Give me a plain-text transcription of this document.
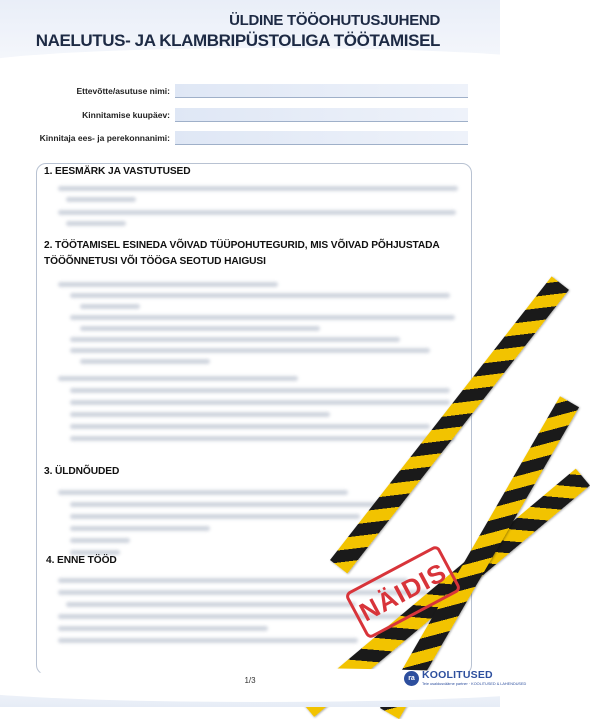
ÜLDINE TÖÖOHUTUSJUHEND
NAELUTUS- JA KLAMBRIPÜSTOLIGA TÖÖTAMISEL
Ettevõtte/asutuse nimi:
Kinnitamise kuupäev:
Kinnitaja ees- ja perekonnanimi:
1. EESMÄRK JA VASTUTUSED
2. TÖÖTAMISEL ESINEDA VÕIVAD TÜÜPOHUTEGURID, MIS VÕIVAD PÕHJUSTADA
TÖÖÕNNETUSI VÕI TÖÖGA SEOTUD HAIGUSI
3. ÜLDNÕUDED
4. ENNE TÖÖD	NÄIDIS
1/3	ra KOOLITUSED
Teie usaldusväärne partner · KOOLITUSED & LAHENDUSED
